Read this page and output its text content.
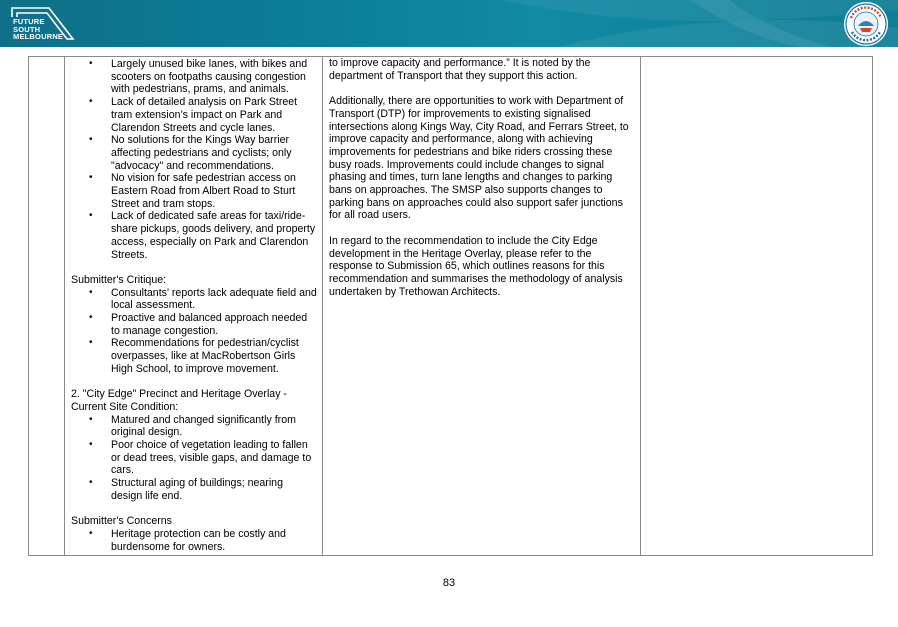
FUTURE
SOUTH
MELBOURNE
• Largely unused bike lanes, with bikes and scooters on footpaths causing congestion with pedestrians, prams, and animals.
• Lack of detailed analysis on Park Street tram extension’s impact on Park and Clarendon Streets and cycle lanes.
• No solutions for the Kings Way barrier affecting pedestrians and cyclists; only "advocacy" and recommendations.
• No vision for safe pedestrian access on Eastern Road from Albert Road to Sturt Street and tram stops.
• Lack of dedicated safe areas for taxi/ride-share pickups, goods delivery, and property access, especially on Park and Clarendon Streets.

Submitter's Critique:

• Consultants' reports lack adequate field and local assessment.
• Proactive and balanced approach needed to manage congestion.
• Recommendations for pedestrian/cyclist overpasses, like at MacRobertson Girls High School, to improve movement.

2. "City Edge" Precinct and Heritage Overlay - Current Site Condition:

• Matured and changed significantly from original design.
• Poor choice of vegetation leading to fallen or dead trees, visible gaps, and damage to cars.
• Structural aging of buildings; nearing design life end.

Submitter's Concerns

• Heritage protection can be costly and burdensome for owners.

to improve capacity and performance.” It is noted by the department of Transport that they support this action.

Additionally, there are opportunities to work with Department of Transport (DTP) for improvements to existing signalised intersections along Kings Way, City Road, and Ferrars Street, to improve capacity and performance, along with achieving improvements for pedestrians and bike riders crossing these busy roads. Improvements could include changes to signal phasing and times, turn lane lengths and changes to parking bans on approaches. The SMSP also supports changes to parking bans on approaches could also support safer junctions for all road users.

In regard to the recommendation to include the City Edge development in the Heritage Overlay, please refer to the response to Submission 65, which outlines reasons for this recommendation and summarises the methodology of analysis undertaken by Trethowan Architects.

83
